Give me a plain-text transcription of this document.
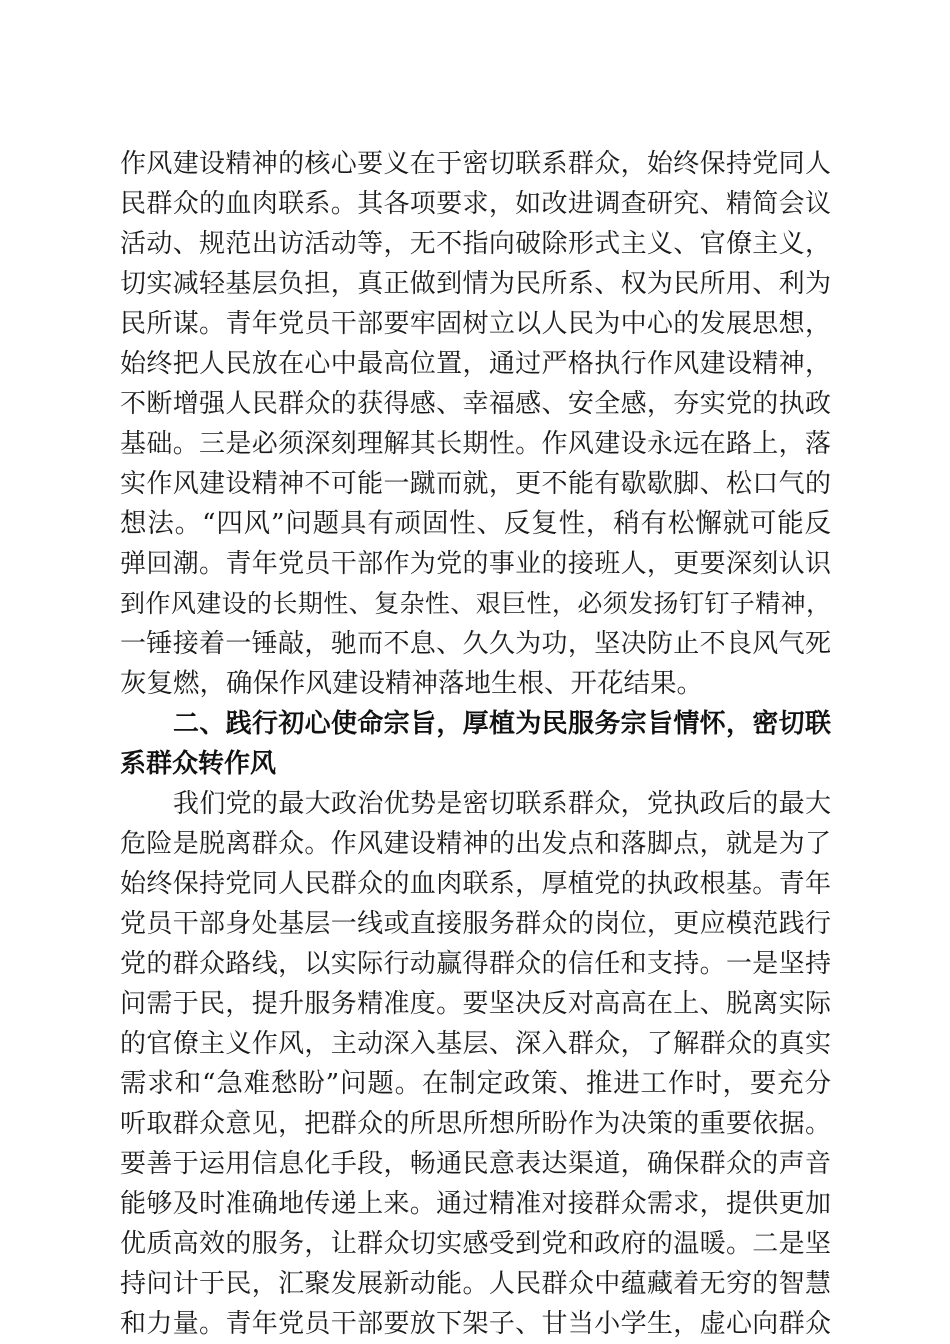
作风建设精神的核心要义在于密切联系群众，始终保持党同人
民群众的血肉联系。其各项要求，如改进调查研究、精简会议
活动、规范出访活动等，无不指向破除形式主义、官僚主义，
切实减轻基层负担，真正做到情为民所系、权为民所用、利为
民所谋。青年党员干部要牢固树立以人民为中心的发展思想，
始终把人民放在心中最高位置，通过严格执行作风建设精神，
不断增强人民群众的获得感、幸福感、安全感，夯实党的执政
基础。三是必须深刻理解其长期性。作风建设永远在路上，落
实作风建设精神不可能一蹴而就，更不能有歇歇脚、松口气的
想法。“四风”问题具有顽固性、反复性，稍有松懈就可能反
弹回潮。青年党员干部作为党的事业的接班人，更要深刻认识
到作风建设的长期性、复杂性、艰巨性，必须发扬钉钉子精神，
一锤接着一锤敲，驰而不息、久久为功，坚决防止不良风气死
灰复燃，确保作风建设精神落地生根、开花结果。
二、践行初心使命宗旨，厚植为民服务宗旨情怀，密切联
系群众转作风
我们党的最大政治优势是密切联系群众，党执政后的最大
危险是脱离群众。作风建设精神的出发点和落脚点，就是为了
始终保持党同人民群众的血肉联系，厚植党的执政根基。青年
党员干部身处基层一线或直接服务群众的岗位，更应模范践行
党的群众路线，以实际行动赢得群众的信任和支持。一是坚持
问需于民，提升服务精准度。要坚决反对高高在上、脱离实际
的官僚主义作风，主动深入基层、深入群众，了解群众的真实
需求和“急难愁盼”问题。在制定政策、推进工作时，要充分
听取群众意见，把群众的所思所想所盼作为决策的重要依据。
要善于运用信息化手段，畅通民意表达渠道，确保群众的声音
能够及时准确地传递上来。通过精准对接群众需求，提供更加
优质高效的服务，让群众切实感受到党和政府的温暖。二是坚
持问计于民，汇聚发展新动能。人民群众中蕴藏着无穷的智慧
和力量。青年党员干部要放下架子、甘当小学生，虚心向群众
